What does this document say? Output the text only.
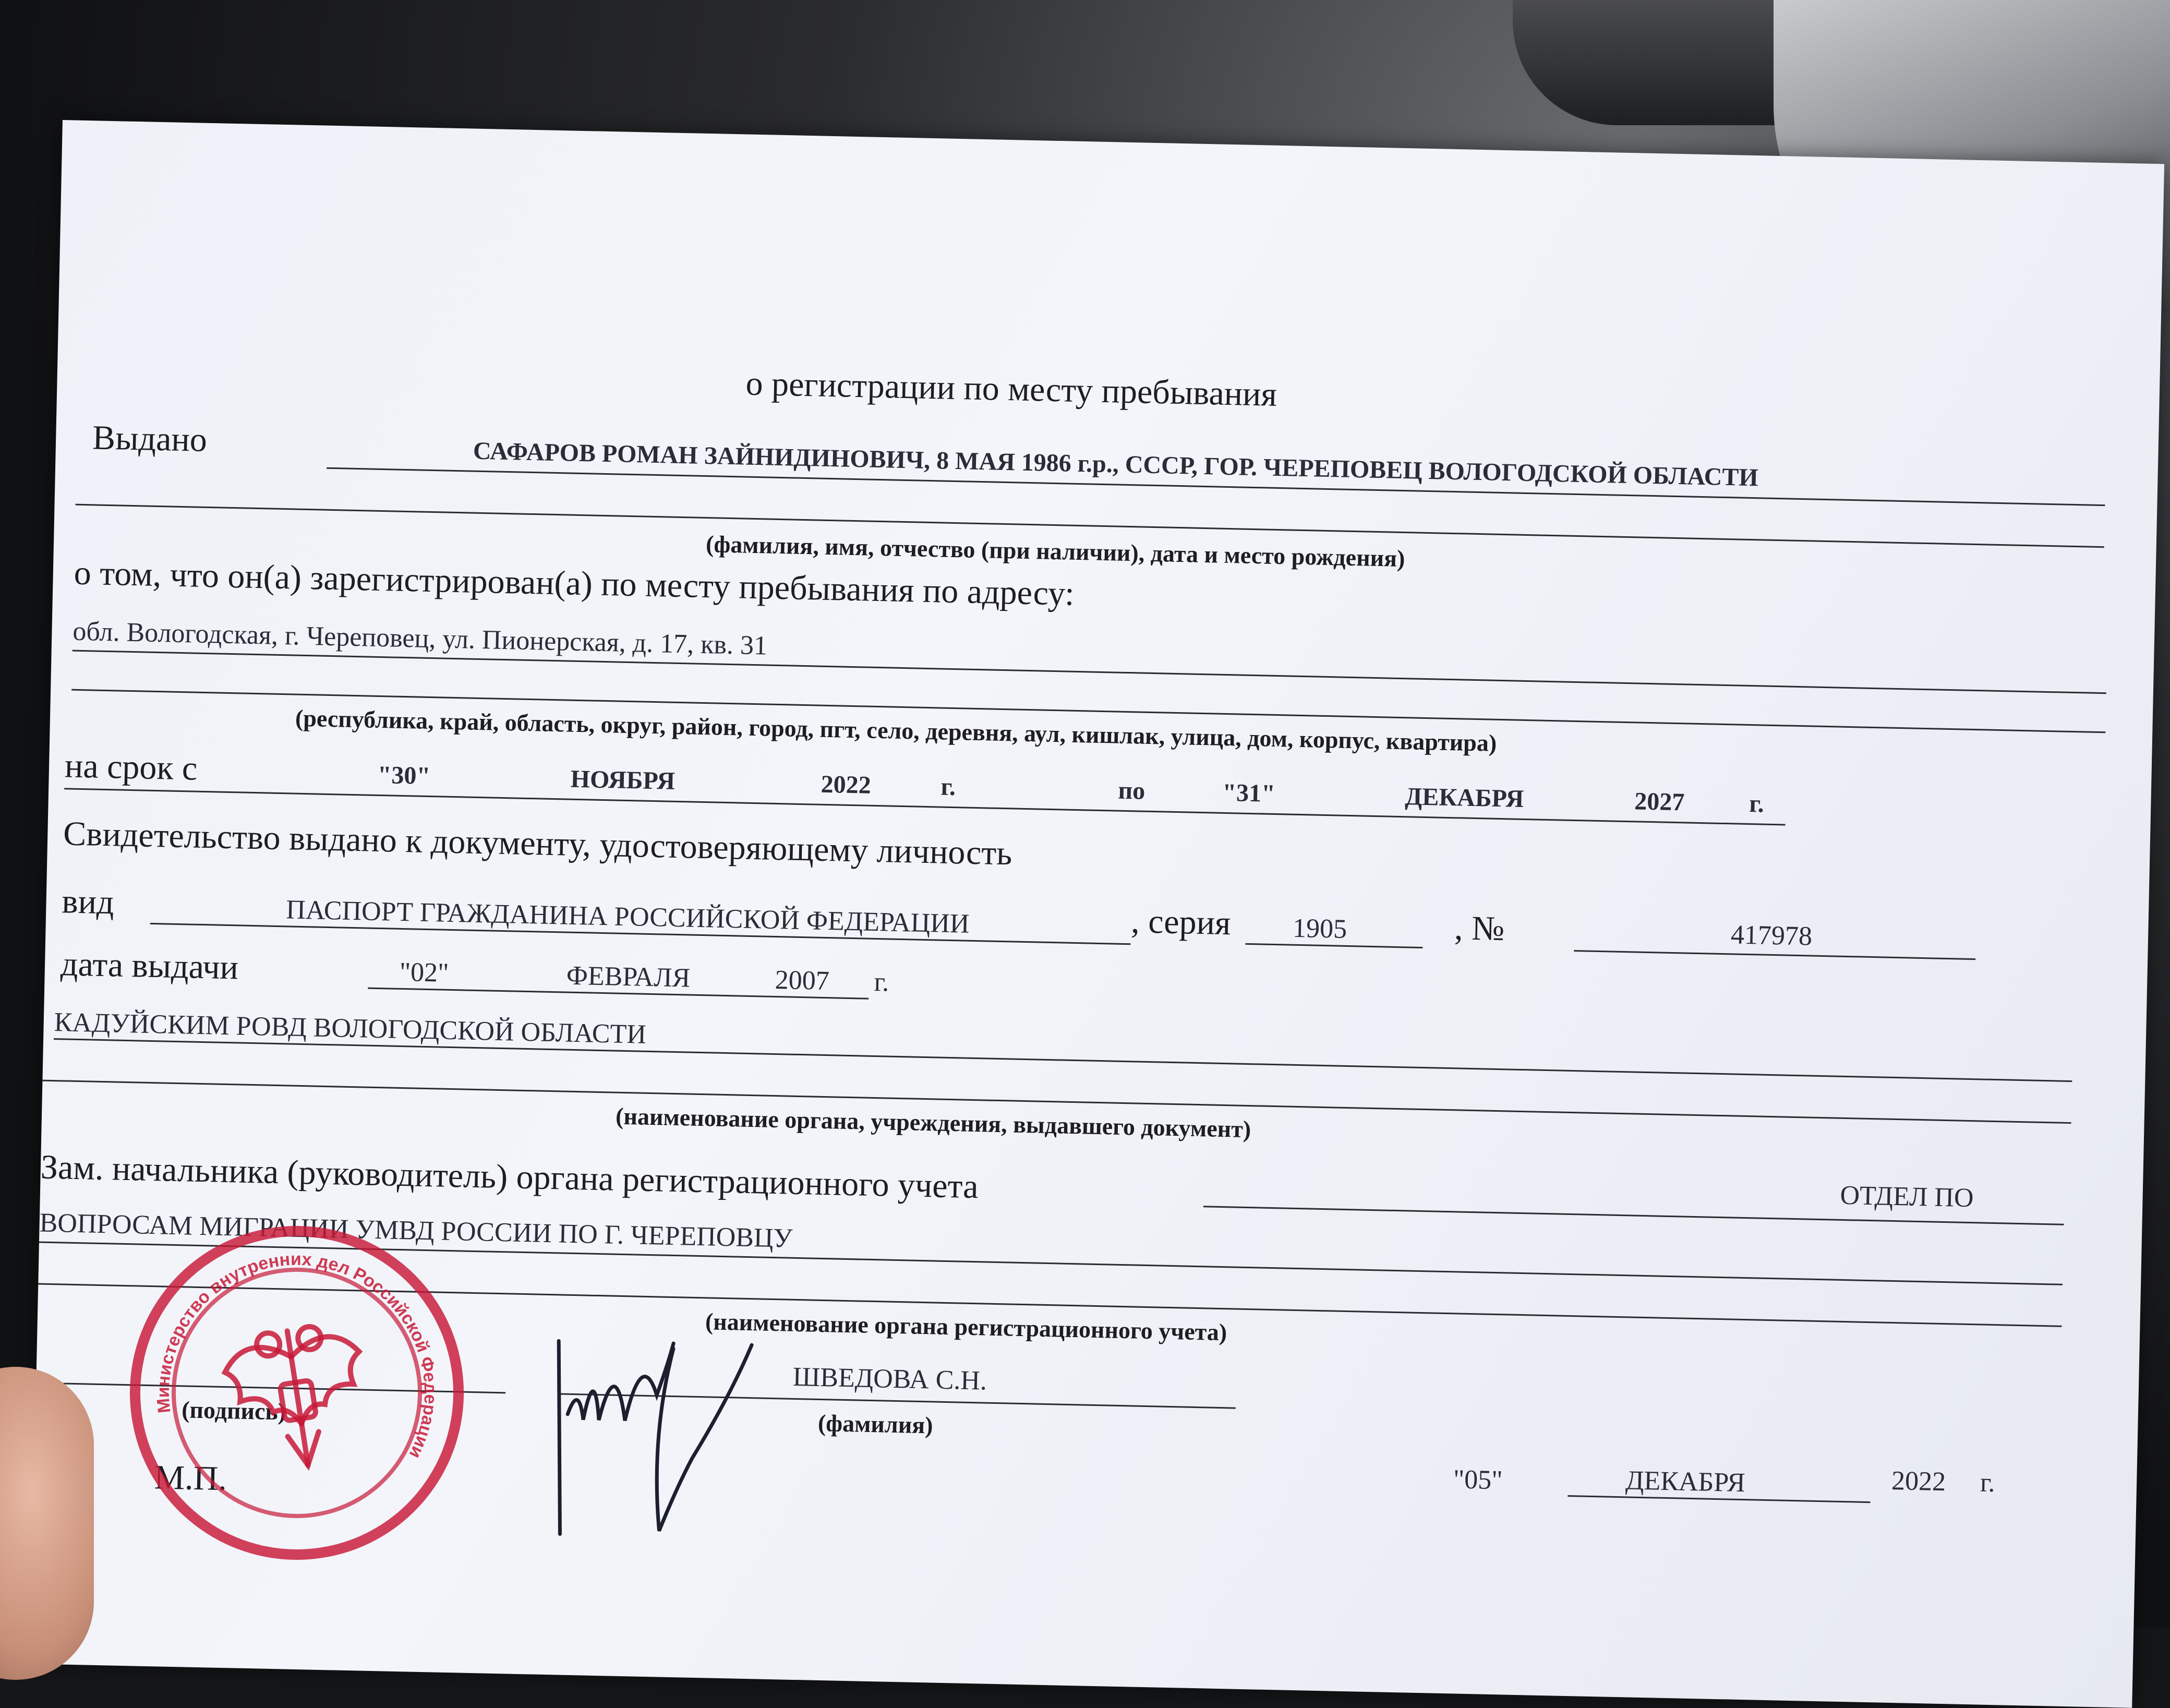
о регистрации по месту пребывания
Выдано	САФАРОВ РОМАН ЗАЙНИДИНОВИЧ, 8 МАЯ 1986 г.р., СССР, ГОР. ЧЕРЕПОВЕЦ ВОЛОГОДСКОЙ ОБЛАСТИ
(фамилия, имя, отчество (при наличии), дата и место рождения)
о том, что он(а) зарегистрирован(а) по месту пребывания по адресу:
обл. Вологодская, г. Череповец, ул. Пионерская, д. 17, кв. 31
(республика, край, область, округ, район, город, пгт, село, деревня, аул, кишлак, улица, дом, корпус, квартира)
на срок с	"30"	НОЯБРЯ	2022	г.	по	"31"	ДЕКАБРЯ	2027	г.
Свидетельство выдано к документу, удостоверяющему личность
вид	ПАСПОРТ ГРАЖДАНИНА РОССИЙСКОЙ ФЕДЕРАЦИИ	, серия 1905	, №	417978
дата выдачи	"02"	ФЕВРАЛЯ	2007 г.
КАДУЙСКИМ РОВД ВОЛОГОДСКОЙ ОБЛАСТИ
(наименование органа, учреждения, выдавшего документ)
Зам. начальника (руководитель) органа регистрационного учета	ОТДЕЛ ПО
ВОПРОСАМ МИГРАЦИИ УМВД РОССИИ ПО Г. ЧЕРЕПОВЦУ
(наименование органа регистрационного учета)
(подпись)
ШВЕДОВА С.Н.
(фамилия)
М.П.	"05"	ДЕКАБРЯ	2022 г.
Министерство внутренних дел Российской Федерации
